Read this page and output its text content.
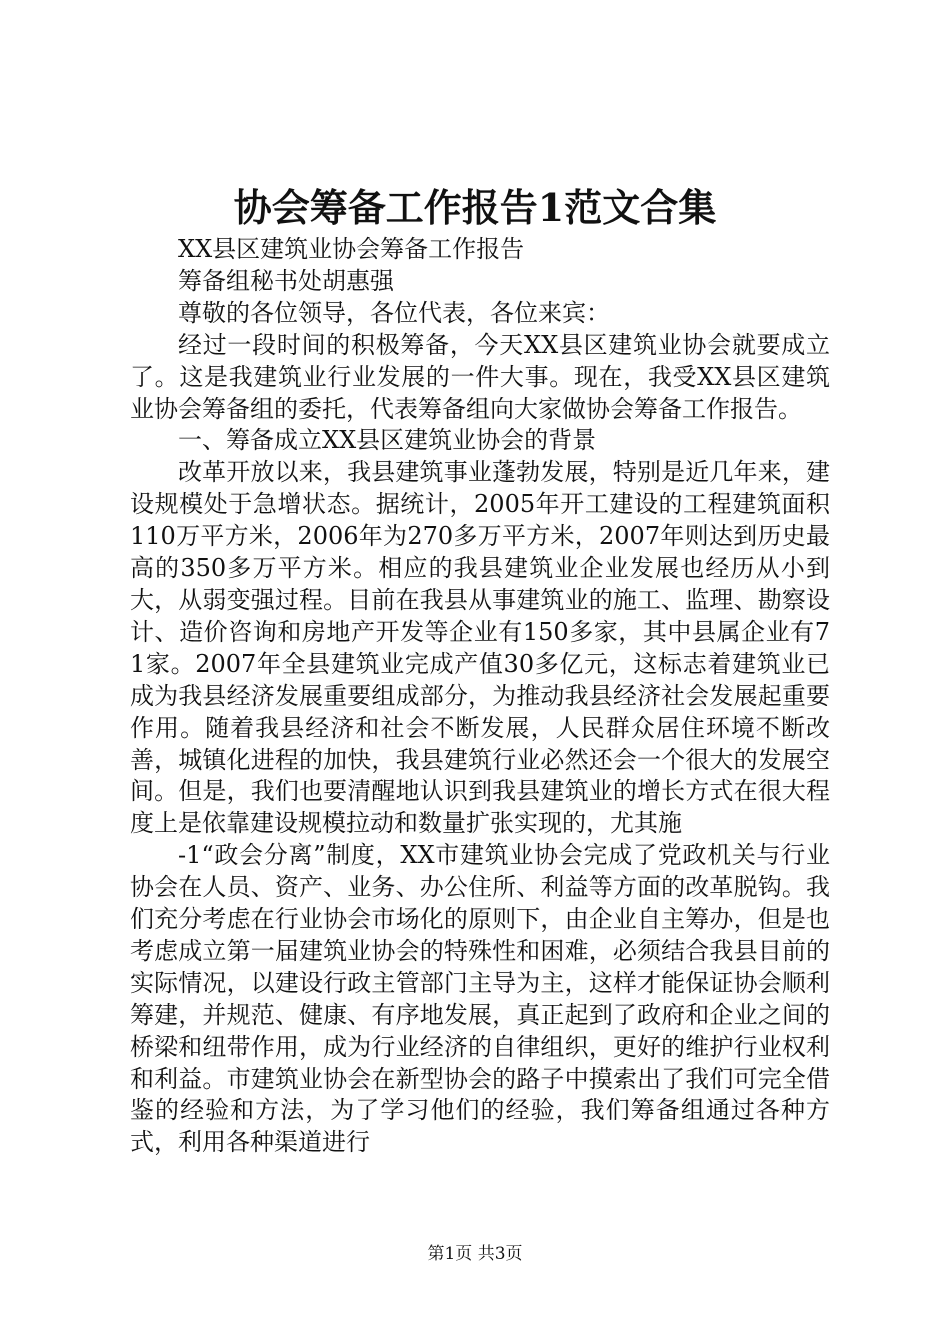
协会筹备工作报告1范文合集

XX县区建筑业协会筹备工作报告

筹备组秘书处胡惠强

尊敬的各位领导，各位代表，各位来宾：

经过一段时间的积极筹备，今天XX县区建筑业协会就要成立了。这是我建筑业行业发展的一件大事。现在，我受XX县区建筑业协会筹备组的委托，代表筹备组向大家做协会筹备工作报告。

一、筹备成立XX县区建筑业协会的背景

改革开放以来，我县建筑事业蓬勃发展，特别是近几年来，建设规模处于急增状态。据统计，2005年开工建设的工程建筑面积110万平方米，2006年为270多万平方米，2007年则达到历史最高的350多万平方米。相应的我县建筑业企业发展也经历从小到大，从弱变强过程。目前在我县从事建筑业的施工、监理、勘察设计、造价咨询和房地产开发等企业有150多家，其中县属企业有71家。2007年全县建筑业完成产值30多亿元，这标志着建筑业已成为我县经济发展重要组成部分，为推动我县经济社会发展起重要作用。随着我县经济和社会不断发展，人民群众居住环境不断改善，城镇化进程的加快，我县建筑行业必然还会一个很大的发展空间。但是，我们也要清醒地认识到我县建筑业的增长方式在很大程度上是依靠建设规模拉动和数量扩张实现的，尤其施

-1“政会分离”制度，XX市建筑业协会完成了党政机关与行业协会在人员、资产、业务、办公住所、利益等方面的改革脱钩。我们充分考虑在行业协会市场化的原则下，由企业自主筹办，但是也考虑成立第一届建筑业协会的特殊性和困难，必须结合我县目前的实际情况，以建设行政主管部门主导为主，这样才能保证协会顺利筹建，并规范、健康、有序地发展，真正起到了政府和企业之间的桥梁和纽带作用，成为行业经济的自律组织，更好的维护行业权利和利益。市建筑业协会在新型协会的路子中摸索出了我们可完全借鉴的经验和方法，为了学习他们的经验，我们筹备组通过各种方式，利用各种渠道进行

第1页 共3页
